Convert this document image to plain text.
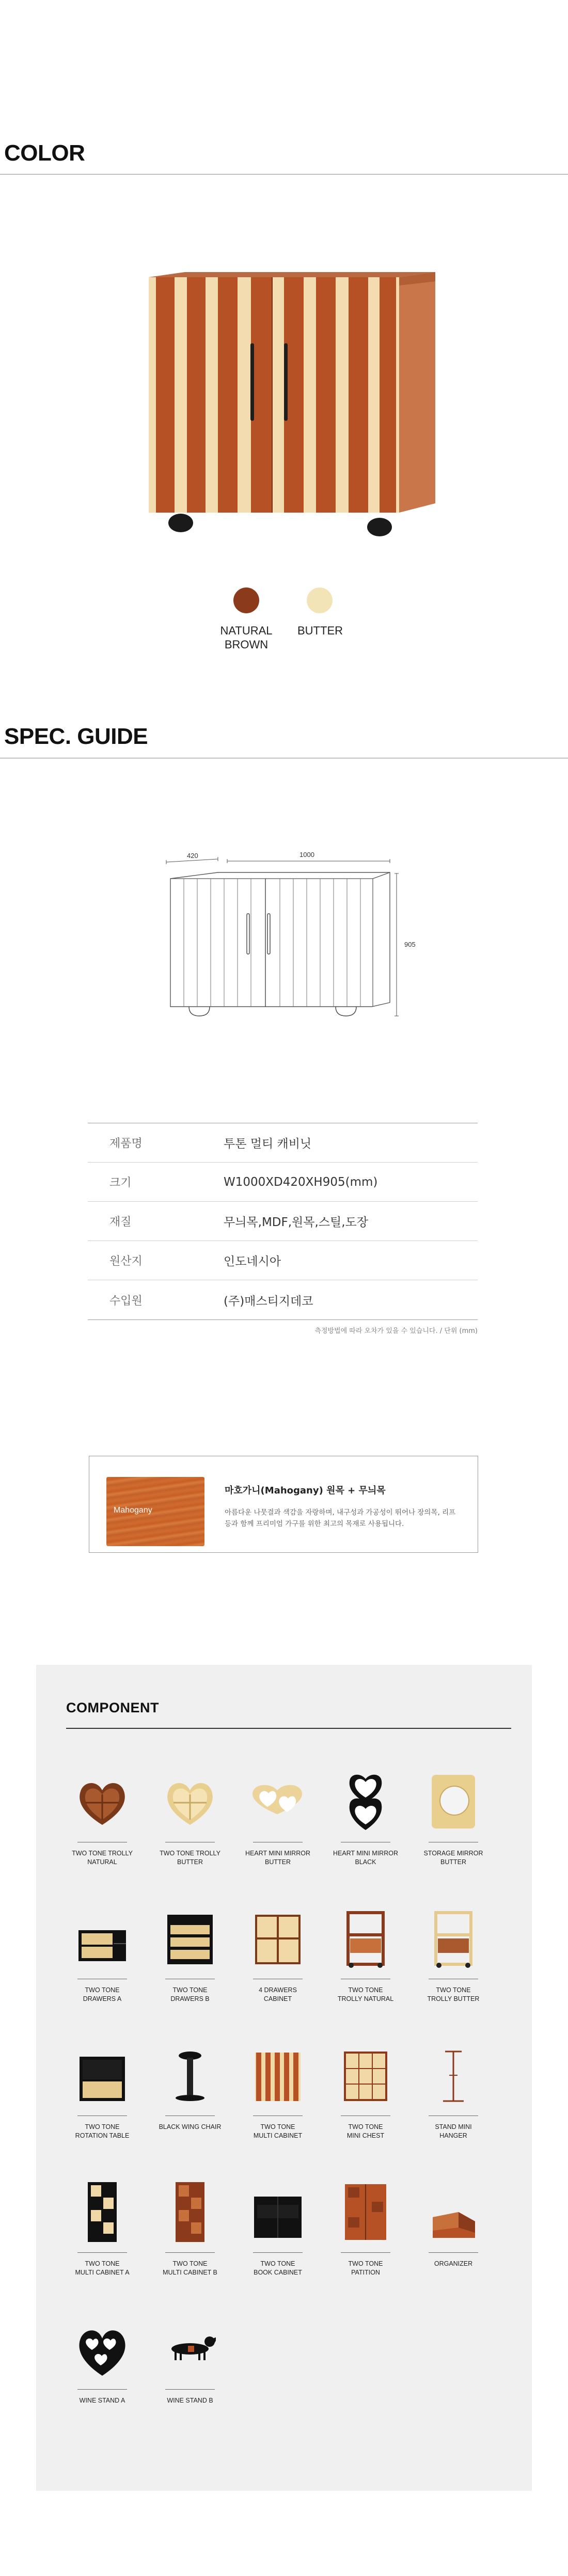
COLOR
NATURAL
BROWN
BUTTER
SPEC. GUIDE
420	1000
905
제품명	투톤 멀티 캐비닛
크기	W1000XD420XH905(mm)
재질	무늬목,MDF,원목,스틸,도장
원산지	인도네시아
수입원	(주)매스티지데코
측정방법에 따라 오차가 있을 수 있습니다. / 단위 (mm)
Mahogany
마호가니(Mahogany) 원목 + 무늬목
아름다운 나뭇결과 색감을 자랑하며, 내구성과 가공성이 뛰어나 장의목, 리프 등과 함께 프리미엄 가구를 위한 최고의 목재로 사용됩니다.
COMPONENT
TWO TONE TROLLY
NATURAL
TWO TONE TROLLY
BUTTER
HEART MINI MIRROR
BUTTER
HEART MINI MIRROR
BLACK
STORAGE MIRROR
BUTTER
TWO TONE
DRAWERS A
TWO TONE
DRAWERS B
4 DRAWERS
CABINET
TWO TONE
TROLLY NATURAL
TWO TONE
TROLLY BUTTER
TWO TONE
ROTATION TABLE
BLACK WING CHAIR	TWO TONE
MULTI CABINET
TWO TONE
MINI CHEST
STAND MINI
HANGER
TWO TONE
MULTI CABINET A
TWO TONE
MULTI CABINET B
TWO TONE
BOOK CABINET
TWO TONE
PATITION
ORGANIZER
WINE STAND A	WINE STAND B
